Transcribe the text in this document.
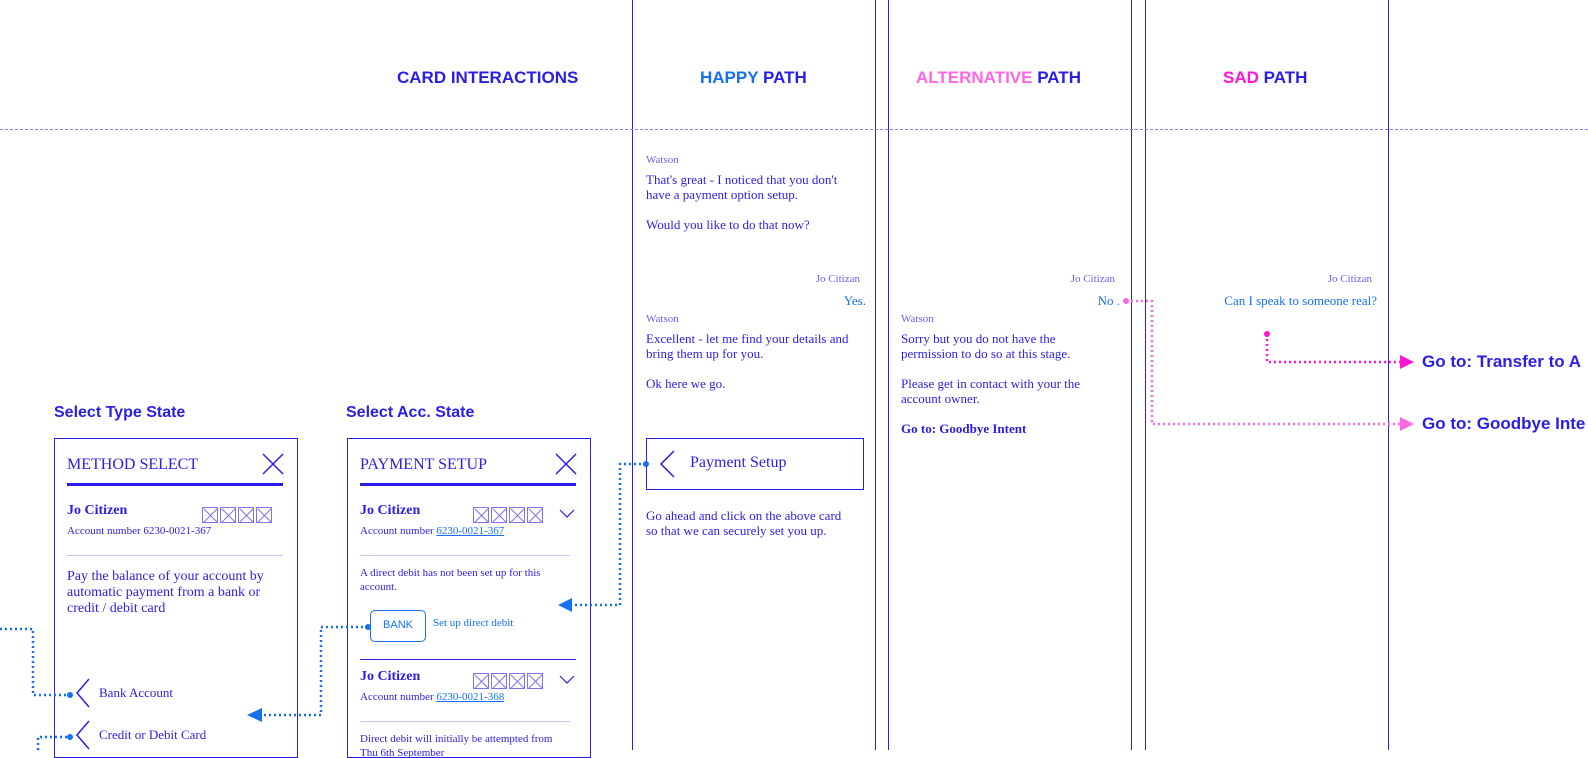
CARD INTERACTIONS	HAPPY PATH	ALTERNATIVE PATH	SAD PATH
Watson
That's great - I noticed that you don't
have a payment option setup.
Would you like to do that now?
Jo Citizan
Yes.
Watson
Excellent - let me find your details and
bring them up for you.
Ok here we go.
Payment Setup
Go ahead and click on the above card
so that we can securely set you up.
Jo Citizan
No .
Watson
Sorry but you do not have the
permission to do so at this stage.
Please get in contact with your the
account owner.
Go to: Goodbye Intent
Jo Citizan
Can I speak to someone real?
Go to: Transfer to A
Go to: Goodbye Inte
Select Type State
METHOD SELECT
Jo Citizen
Account number 6230-0021-367
Pay the balance of your account by
automatic payment from a bank or
credit / debit card
Bank Account
Credit or Debit Card
Select Acc. State
PAYMENT SETUP
Jo Citizen
Account number 6230-0021-367
A direct debit has not been set up for this
account.
BANK	Set up direct debit
Jo Citizen
Account number 6230-0021-368
Direct debit will initially be attempted from
Thu 6th September
